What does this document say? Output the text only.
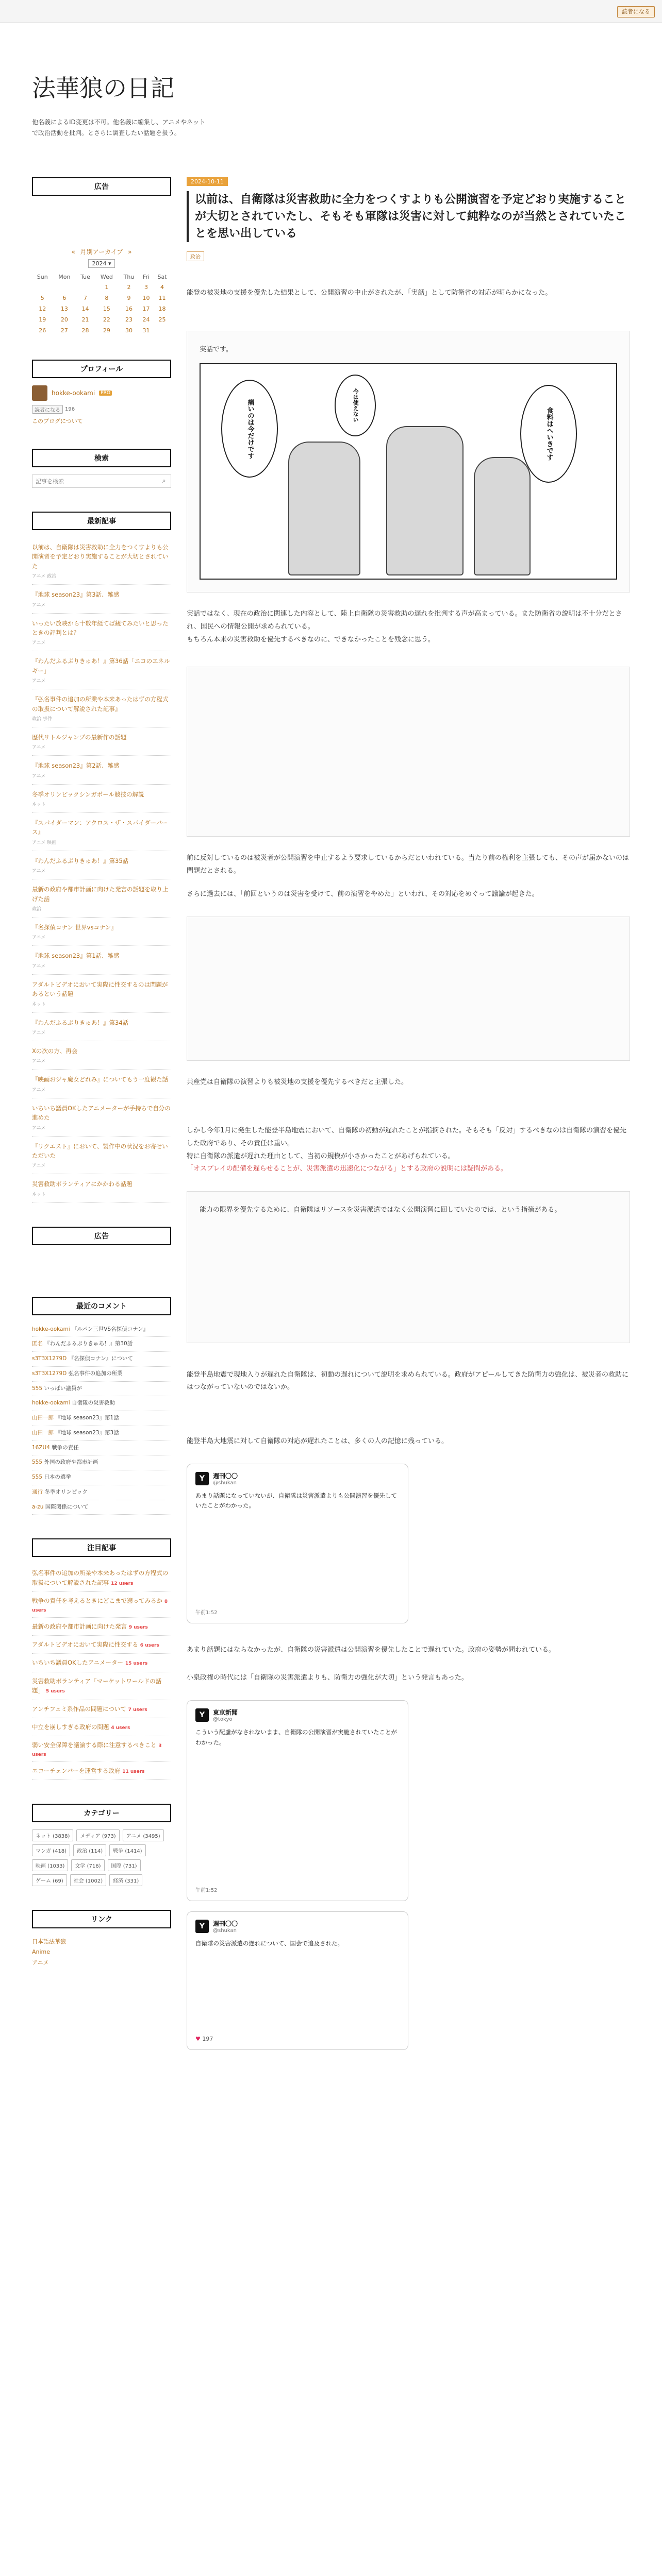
読者になる
法華狼の日記
他名義によるID変更は不可。他名義に編集し、アニメやネットで政治活動を批判。とさらに調査したい話題を扱う。
広告
« 月別アーカイブ »
2024 ▾
Sun	Mon	Tue	Wed	Thu	Fri	Sat
			1	2	3	4
5	6	7	8	9	10	11
12	13	14	15	16	17	18
19	20	21	22	23	24	25
26	27	28	29	30	31	
プロフィール
hokke-ookami	PRO
読者になる 196
このブログについて
検索
記事を検索
⌕
最新記事
以前は、自衛隊は災害救助に全力をつくすよりも公開演習を予定どおり実施することが大切とされていた
アニメ 政治
『地球 season23』第3話、雑感
アニメ
いったい放映から十数年経てば観てみたいと思ったときの評判とは？
アニメ
『わんだふるぷりきゅあ！』第36話「ニコのエネルギー」
アニメ
『弘名事件の追加の所業や本来あったはずの方程式の取扱について解説された記事』
政治 事件
歴代リトルジャンプの最新作の話題
アニメ
『地球 season23』第2話、雑感
アニメ
冬季オリンピックシンガポール競技の解説
ネット
『スパイダーマン：アクロス・ザ・スパイダーバース』
アニメ 映画
『わんだふるぷりきゅあ！』第35話
アニメ
最新の政府や都市計画に向けた発言の話題を取り上げた話
政治
『名探偵コナン 世界vsコナン』
アニメ
『地球 season23』第1話、雑感
アニメ
アダルトビデオにおいて実際に性交するのは問題があるという話題
ネット
『わんだふるぷりきゅあ！』第34話
アニメ
Xの次の方、再会
アニメ
『映画おジャ魔女どれみ』についてもう一度観た話
アニメ
いちいち議員OKしたアニメーターが手持ちで自分の進めた
アニメ
『リクエスト』において、製作中の状況をお寄せいただいた
アニメ
災害救助ボランティアにかかわる話題
ネット
広告
最近のコメント
hokke-ookami 『ルパン三世VS名探偵コナン』
匿名 『わんだふるぷりきゅあ！』第30話
s3T3X1279D 『名探偵コナン』について
s3T3X1279D 弘名事件の追加の所業
555 いっぱい議員が
hokke-ookami 自衛隊の災害救助
山田一郎 『地球 season23』第1話
山田一郎 『地球 season23』第3話
16ZU4 戦争の責任
555 外国の政府や都市計画
555 日本の選挙
通行 冬季オリンピック
a-zu 国際関係について
注目記事
弘名事件の追加の所業や本来あったはずの方程式の取扱について解説された記事 12 users
戦争の責任を考えるときにどこまで遡ってみるか 8 users
最新の政府や都市計画に向けた発言 9 users
アダルトビデオにおいて実際に性交する 6 users
いちいち議員OKしたアニメーター 15 users
災害救助ボランティア「マーケットワールドの話題」 5 users
アンチフェミ系作品の問題について 7 users
中立を崩しすぎる政府の問題 4 users
弱い安全保障を議論する際に注意するべきこと 3 users
エコーチェンバーを運営する政府 11 users
カテゴリー
ネット (3838)	メディア (973)	アニメ (3495)
マンガ (418)	政治 (114)	戦争 (1414)
映画 (1033)	文学 (716)	国際 (731)
ゲーム (69)	社会 (1002)	経済 (331)
リンク
日本語法華狼
Anime
アニメ
2024-10-11
以前は、自衛隊は災害救助に全力をつくすよりも公開演習を予定どおり実施することが大切とされていたし、そもそも軍隊は災害に対して純粋なのが当然とされていたことを思い出している
政治

能登の被災地の支援を優先した結果として、公開演習の中止がされたが、「実話」として防衛省の対応が明らかになった。

実話です。

痛いのは今だけです	今は使えない
食料はへいきです

実話ではなく、現在の政治に関連した内容として、陸上自衛隊の災害救助の遅れを批判する声が高まっている。また防衛省の説明は不十分だとされ、国民への情報公開が求められている。

もちろん本来の災害救助を優先するべきなのに、できなかったことを残念に思う。

前に反対しているのは被災者が公開演習を中止するよう要求しているからだといわれている。当たり前の権利を主張しても、その声が届かないのは問題だとされる。

さらに過去には、「前回というのは災害を受けて、前の演習をやめた」といわれ、その対応をめぐって議論が起きた。

共産党は自衛隊の演習よりも被災地の支援を優先するべきだと主張した。

しかし今年1月に発生した能登半島地震において、自衛隊の初動が遅れたことが指摘された。そもそも「反対」するべきなのは自衛隊の演習を優先した政府であり、その責任は重い。

特に自衛隊の派遣が遅れた理由として、当初の規模が小さかったことがあげられている。

「オスプレイの配備を遅らせることが、災害派遣の迅速化につながる」とする政府の説明には疑問がある。

能力の限界を優先するために、自衛隊はリソースを災害派遣ではなく公開演習に回していたのでは、という指摘がある。

能登半島地震で現地入りが遅れた自衛隊は、初動の遅れについて説明を求められている。政府がアピールしてきた防衛力の強化は、被災者の救助にはつながっていないのではないか。

能登半島大地震に対して自衛隊の対応が遅れたことは、多くの人の記憶に残っている。

Y	週刊〇〇
@shukan
あまり話題になっていないが、自衛隊は災害派遣よりも公開演習を優先していたことがわかった。
午前1:52

あまり話題にはならなかったが、自衛隊の災害派遣は公開演習を優先したことで遅れていた。政府の姿勢が問われている。

小泉政権の時代には「自衛隊の災害派遣よりも、防衛力の強化が大切」という発言もあった。

Y	東京新聞
@tokyo
こういう配慮がなされないまま、自衛隊の公開演習が実施されていたことがわかった。
午前1:52
Y	週刊〇〇
@shukan
自衛隊の災害派遣の遅れについて、国会で追及された。
♥ 197
